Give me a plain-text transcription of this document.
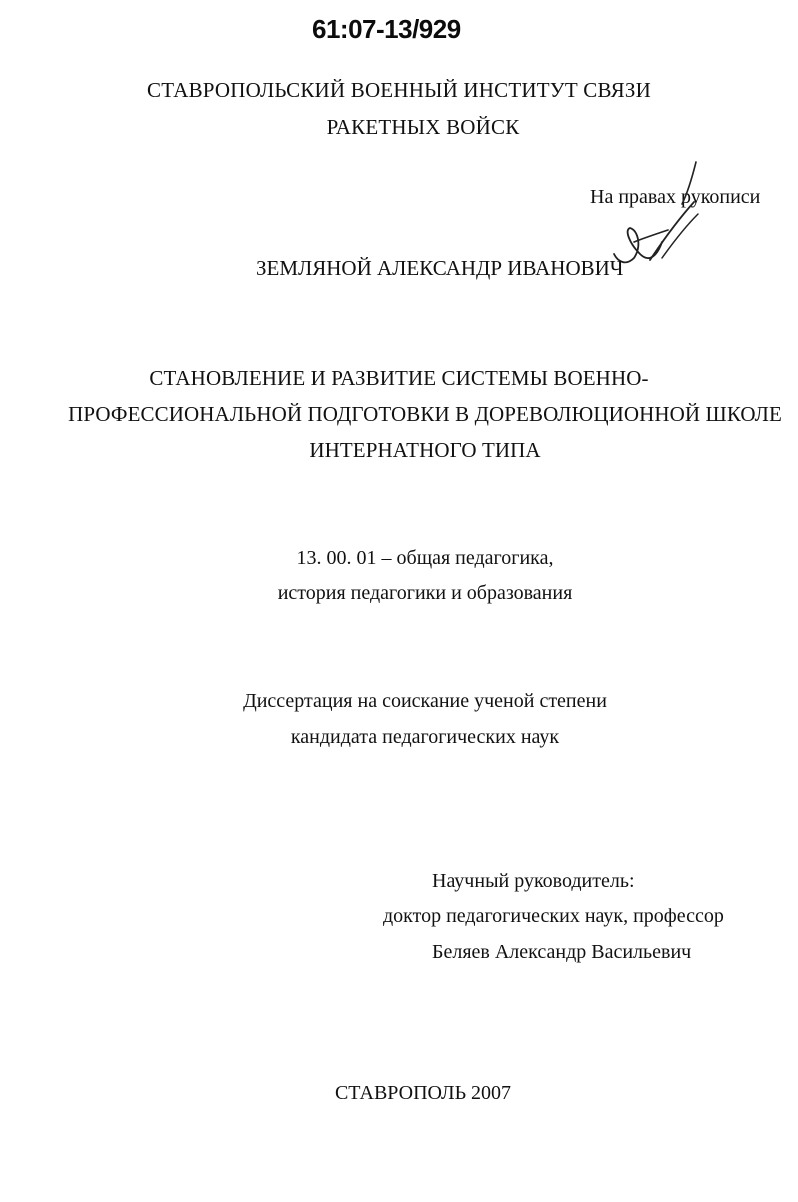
61:07-13/929
СТАВРОПОЛЬСКИЙ ВОЕННЫЙ ИНСТИТУТ СВЯЗИ
РАКЕТНЫХ ВОЙСК
На правах рукописи
ЗЕМЛЯНОЙ АЛЕКСАНДР ИВАНОВИЧ
СТАНОВЛЕНИЕ И РАЗВИТИЕ СИСТЕМЫ ВОЕННО-
ПРОФЕССИОНАЛЬНОЙ ПОДГОТОВКИ В ДОРЕВОЛЮЦИОННОЙ ШКОЛЕ
ИНТЕРНАТНОГО ТИПА
13. 00. 01 – общая педагогика,
история педагогики и образования
Диссертация на соискание ученой степени
кандидата педагогических наук
Научный руководитель:
доктор педагогических наук, профессор
Беляев Александр Васильевич
СТАВРОПОЛЬ 2007
